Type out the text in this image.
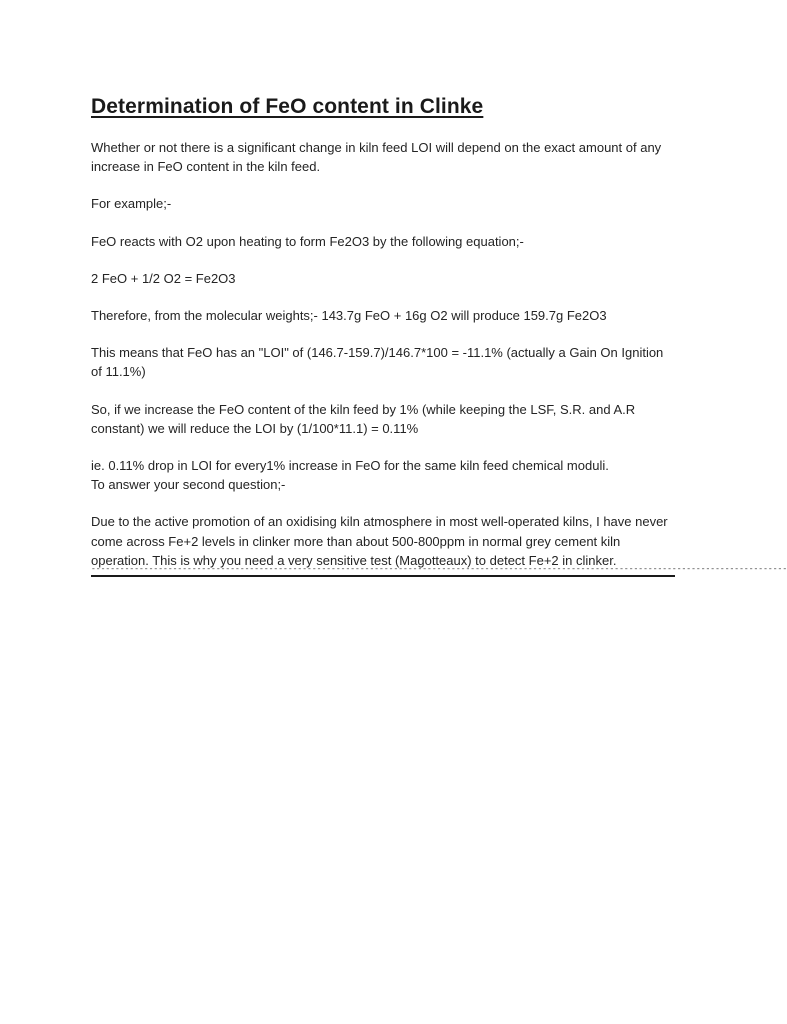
Determination of FeO content in Clinke

Whether or not there is a significant change in kiln feed LOI will depend on the exact amount of any increase in FeO content in the kiln feed.

For example;-

FeO reacts with O2 upon heating to form Fe2O3 by the following equation;-

2 FeO + 1/2 O2 = Fe2O3

Therefore, from the molecular weights;- 143.7g FeO + 16g O2 will produce 159.7g Fe2O3

This means that FeO has an "LOI" of (146.7-159.7)/146.7*100 = -11.1% (actually a Gain On Ignition of 11.1%)

So, if we increase the FeO content of the kiln feed by 1% (while keeping the LSF, S.R. and A.R constant) we will reduce the LOI by (1/100*11.1) = 0.11%

ie. 0.11% drop in LOI for every1% increase in FeO for the same kiln feed chemical moduli.

To answer your second question;-

Due to the active promotion of an oxidising kiln atmosphere in most well-operated kilns, I have never come across Fe+2 levels in clinker more than about 500-800ppm in normal grey cement kiln operation. This is why you need a very sensitive test (Magotteaux) to detect Fe+2 in clinker.

-------------------------------------------------------------------------------------------------------------------------------------------------
